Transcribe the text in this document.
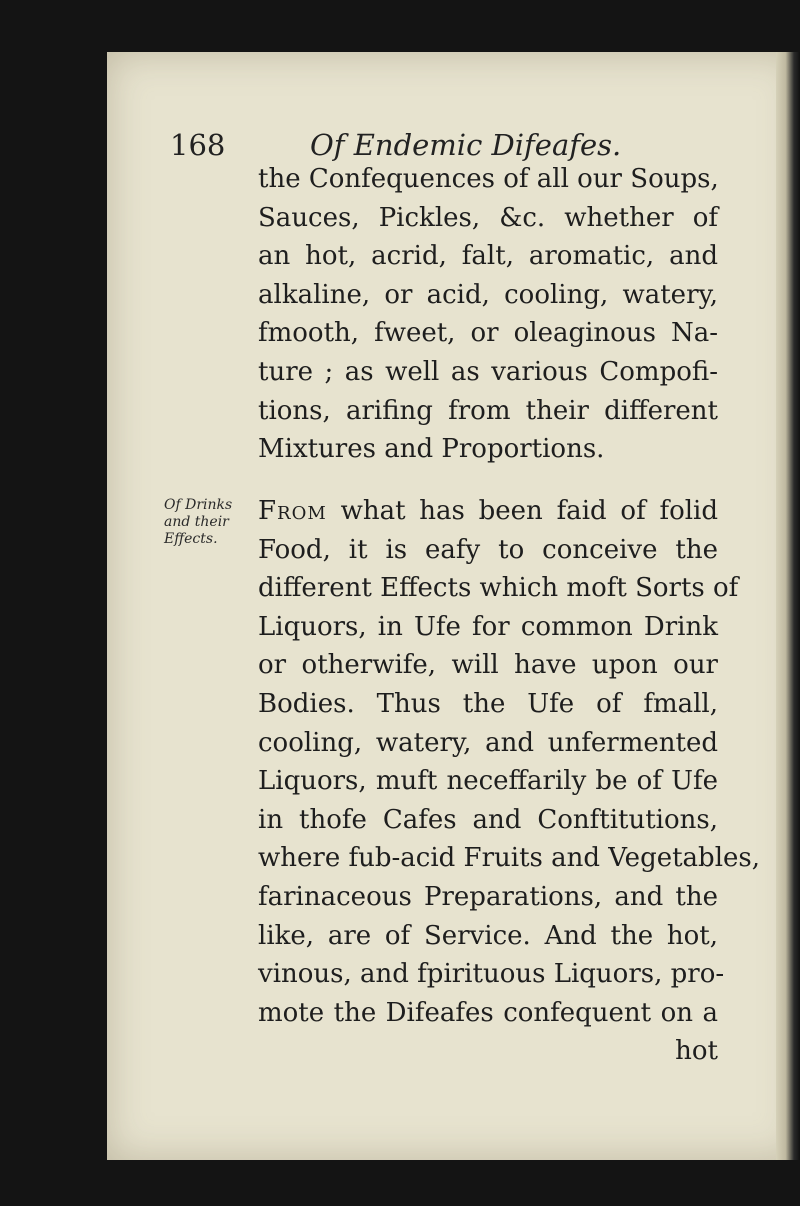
168	Of Endemic Difeafes.
Of Drinks
and their
Effects.
the Confequences of all our Soups,
Sauces, Pickles, &c. whether of
an hot, acrid, falt, aromatic, and
alkaline, or acid, cooling, watery,
fmooth, fweet, or oleaginous Na-
ture ; as well as various Compofi-
tions, arifing from their different
Mixtures and Proportions.
From what has been faid of folid
Food, it is eafy to conceive the
different Effects which moft Sorts of
Liquors, in Ufe for common Drink
or otherwife, will have upon our
Bodies. Thus the Ufe of fmall,
cooling, watery, and unfermented
Liquors, muft neceffarily be of Ufe
in thofe Cafes and Conftitutions,
where fub-acid Fruits and Vegetables,
farinaceous Preparations, and the
like, are of Service. And the hot,
vinous, and fpirituous Liquors, pro-
mote the Difeafes confequent on a
hot
